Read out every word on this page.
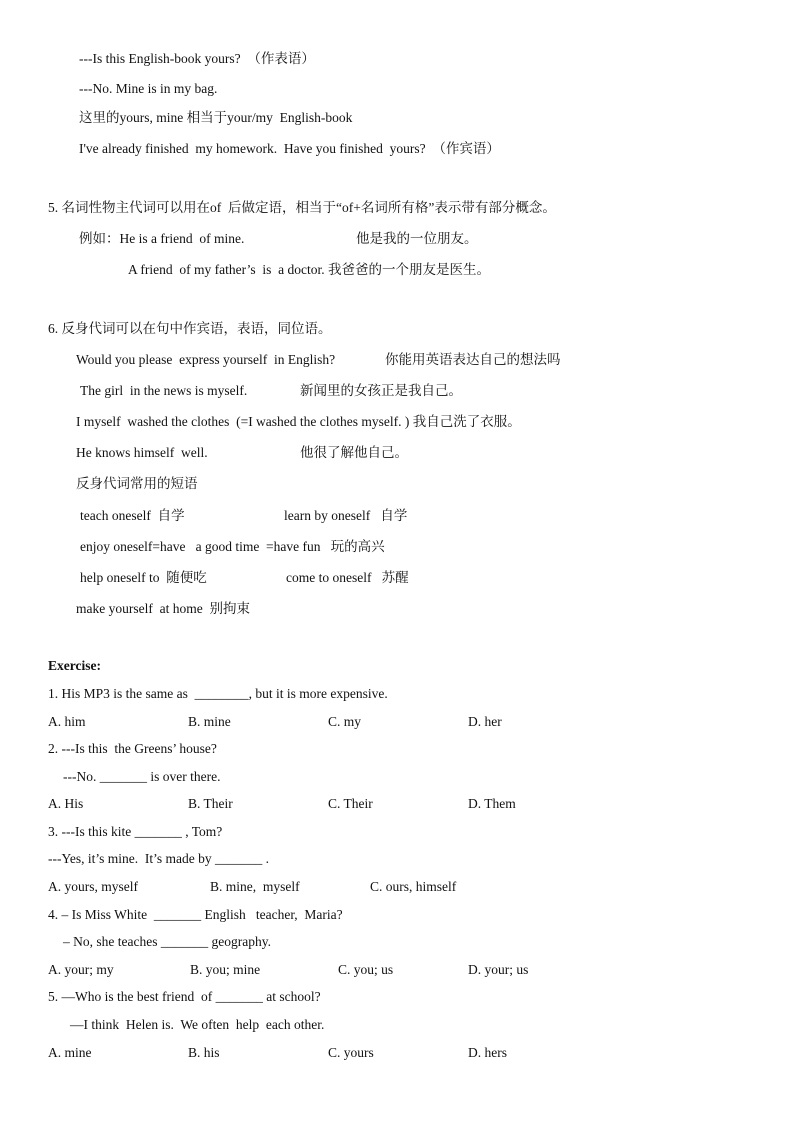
---Is this English-book yours?  （作表语）
---No. Mine is in my bag.
这里的yours, mine 相当于your/my  English-book
I've already finished  my homework.  Have you finished  yours?  （作宾语）
5. 名词性物主代词可以用在of  后做定语，相当于“of+名词所有格”表示带有部分概念。
例如：He is a friend  of mine.	他是我的一位朋友。
A friend  of my father’s  is  a doctor. 我爸爸的一个朋友是医生。
6. 反身代词可以在句中作宾语，表语，同位语。
Would you please  express yourself  in English?	你能用英语表达自己的想法吗
The girl  in the news is myself.	新闻里的女孩正是我自己。
I myself  washed the clothes  (=I washed the clothes myself. ) 我自己洗了衣服。
He knows himself  well.	他很了解他自己。
反身代词常用的短语
teach oneself  自学	learn by oneself   自学
enjoy oneself=have   a good time  =have fun   玩的高兴
help oneself to  随便吃	come to oneself   苏醒
make yourself  at home  别拘束
Exercise:
1. His MP3 is the same as  ________, but it is more expensive.
A. him	B. mine	C. my	D. her
2. ---Is this  the Greens’ house?
---No. _______ is over there.
A. His	B. Their	C. Their	D. Them
3. ---Is this kite _______ , Tom?
---Yes, it’s mine.  It’s made by _______ .
A. yours, myself	B. mine,  myself	C. ours, himself
4. – Is Miss White  _______ English   teacher,  Maria?
– No, she teaches _______ geography.
A. your; my	B. you; mine	C. you; us	D. your; us
5. —Who is the best friend  of _______ at school?
—I think  Helen is.  We often  help  each other.
A. mine	B. his	C. yours	D. hers
